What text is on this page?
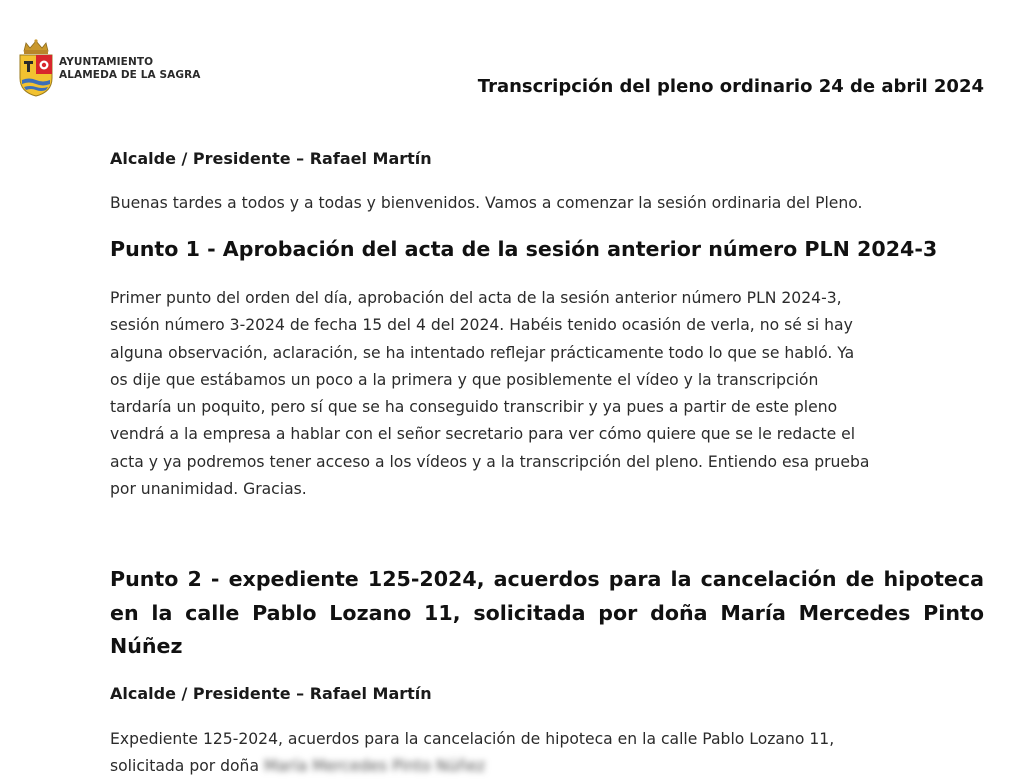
AYUNTAMIENTO
ALAMEDA DE LA SAGRA
Transcripción del pleno ordinario 24 de abril 2024
Alcalde / Presidente – Rafael Martín
Buenas tardes a todos y a todas y bienvenidos. Vamos a comenzar la sesión ordinaria del Pleno.
Punto 1 - Aprobación del acta de la sesión anterior número PLN 2024-3
Primer punto del orden del día, aprobación del acta de la sesión anterior número PLN 2024-3,
sesión número 3-2024 de fecha 15 del 4 del 2024. Habéis tenido ocasión de verla, no sé si hay
alguna observación, aclaración, se ha intentado reflejar prácticamente todo lo que se habló. Ya
os dije que estábamos un poco a la primera y que posiblemente el vídeo y la transcripción
tardaría un poquito, pero sí que se ha conseguido transcribir y ya pues a partir de este pleno
vendrá a la empresa a hablar con el señor secretario para ver cómo quiere que se le redacte el
acta y ya podremos tener acceso a los vídeos y a la transcripción del pleno. Entiendo esa prueba
por unanimidad. Gracias.
Punto 2 - expediente 125-2024, acuerdos para la cancelación de hipoteca
en la calle Pablo Lozano 11, solicitada por doña María Mercedes Pinto
Núñez
Alcalde / Presidente – Rafael Martín
Expediente 125-2024, acuerdos para la cancelación de hipoteca en la calle Pablo Lozano 11,
solicitada por doña María Mercedes Pinto Núñez
